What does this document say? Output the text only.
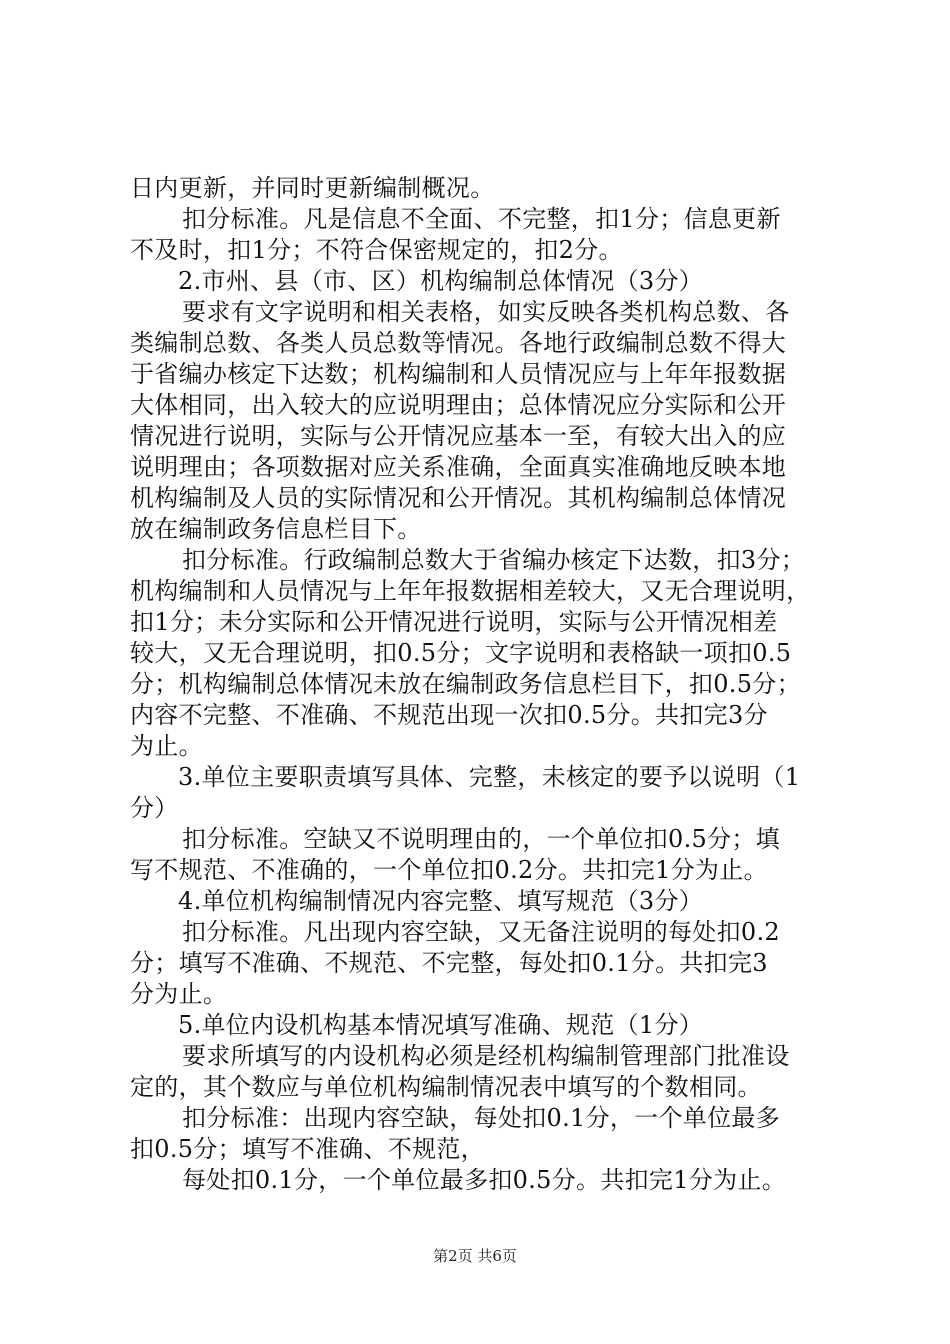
日内更新，并同时更新编制概况。
扣分标准。凡是信息不全面、不完整，扣1分；信息更新
不及时，扣1分；不符合保密规定的，扣2分。
2.市州、县（市、区）机构编制总体情况（3分）
要求有文字说明和相关表格，如实反映各类机构总数、各
类编制总数、各类人员总数等情况。各地行政编制总数不得大
于省编办核定下达数；机构编制和人员情况应与上年年报数据
大体相同，出入较大的应说明理由；总体情况应分实际和公开
情况进行说明，实际与公开情况应基本一至，有较大出入的应
说明理由；各项数据对应关系准确，全面真实准确地反映本地
机构编制及人员的实际情况和公开情况。其机构编制总体情况
放在编制政务信息栏目下。
扣分标准。行政编制总数大于省编办核定下达数，扣3分；
机构编制和人员情况与上年年报数据相差较大，又无合理说明，
扣1分；未分实际和公开情况进行说明，实际与公开情况相差
较大，又无合理说明，扣0.5分；文字说明和表格缺一项扣0.5
分；机构编制总体情况未放在编制政务信息栏目下，扣0.5分；
内容不完整、不准确、不规范出现一次扣0.5分。共扣完3分
为止。
3.单位主要职责填写具体、完整，未核定的要予以说明（1
分）
扣分标准。空缺又不说明理由的，一个单位扣0.5分；填
写不规范、不准确的，一个单位扣0.2分。共扣完1分为止。
4.单位机构编制情况内容完整、填写规范（3分）
扣分标准。凡出现内容空缺，又无备注说明的每处扣0.2
分；填写不准确、不规范、不完整，每处扣0.1分。共扣完3
分为止。
5.单位内设机构基本情况填写准确、规范（1分）
要求所填写的内设机构必须是经机构编制管理部门批准设
定的，其个数应与单位机构编制情况表中填写的个数相同。
扣分标准：出现内容空缺，每处扣0.1分，一个单位最多
扣0.5分；填写不准确、不规范，
每处扣0.1分，一个单位最多扣0.5分。共扣完1分为止。
第2页 共6页
